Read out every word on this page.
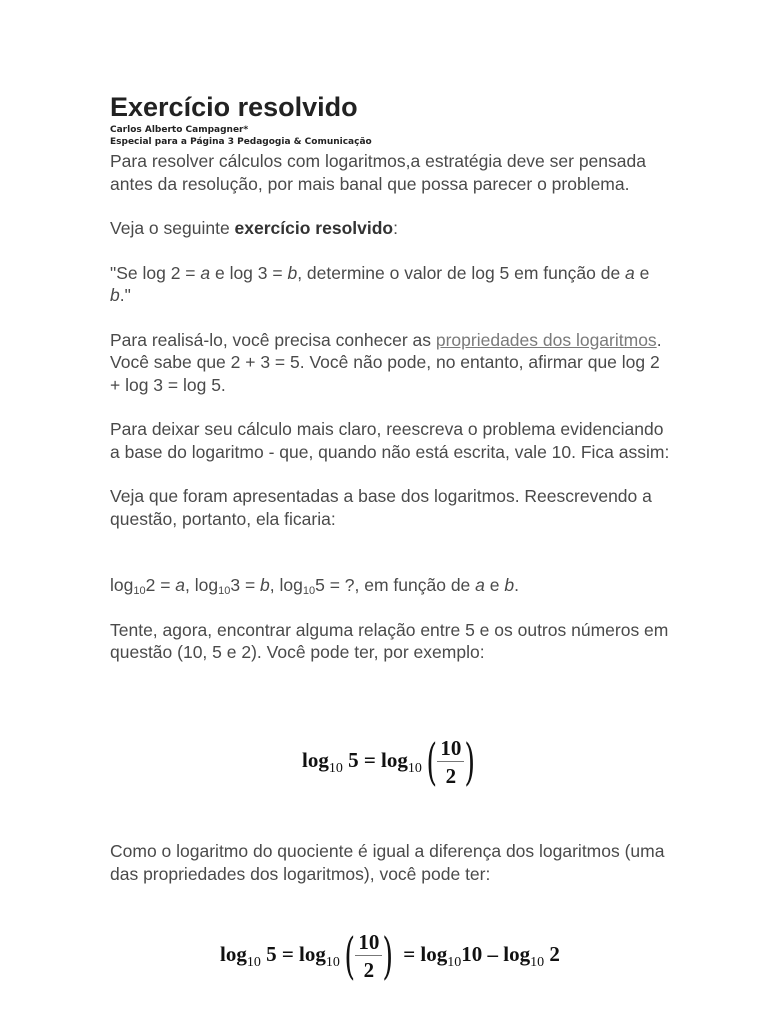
Exercício resolvido
Carlos Alberto Campagner*
Especial para a Página 3 Pedagogia & Comunicação

Para resolver cálculos com logaritmos,a estratégia deve ser pensada antes da resolução, por mais banal que possa parecer o problema.

Veja o seguinte exercício resolvido:

"Se log 2 = a e log 3 = b, determine o valor de log 5 em função de a e b."

Para realisá-lo, você precisa conhecer as propriedades dos logaritmos. Você sabe que 2 + 3 = 5. Você não pode, no entanto, afirmar que log 2 + log 3 = log 5.

Para deixar seu cálculo mais claro, reescreva o problema evidenciando a base do logaritmo - que, quando não está escrita, vale 10. Fica assim:

Veja que foram apresentadas a base dos logaritmos. Reescrevendo a questão, portanto, ela ficaria:

$\log_{10}2 = a$, $\log_{10}3 = b$, $\log_{10}5$ = ?, em função de a e b.

Tente, agora, encontrar alguma relação entre 5 e os outros números em questão (10, 5 e 2). Você pode ter, por exemplo:

Como o logaritmo do quociente é igual a diferença dos logaritmos (uma das propriedades dos logaritmos), você pode ter:

$\log_{10} 5 = \log_{10}( \frac{10}{2}$ )
$\log_{10} 5 = \log_{10}( \frac{10}{2}$ ) = $\log_{10}10 - \log_{10} 2$
